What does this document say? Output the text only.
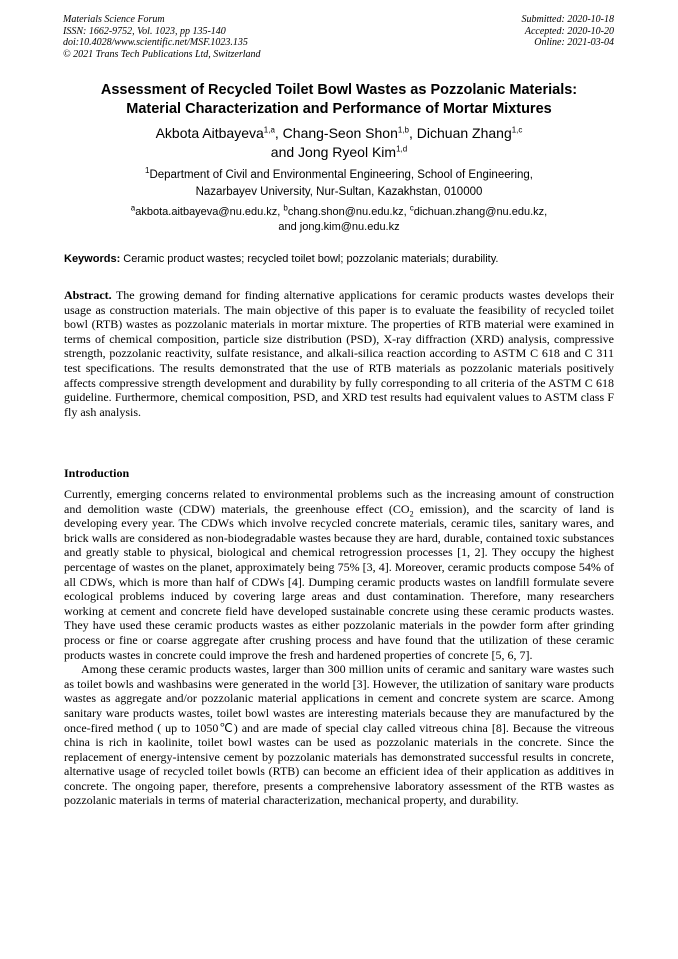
Materials Science Forum
ISSN: 1662-9752, Vol. 1023, pp 135-140
doi:10.4028/www.scientific.net/MSF.1023.135
© 2021 Trans Tech Publications Ltd, Switzerland
Submitted: 2020-10-18
Accepted: 2020-10-20
Online: 2021-03-04
Assessment of Recycled Toilet Bowl Wastes as Pozzolanic Materials:
Material Characterization and Performance of Mortar Mixtures
Akbota Aitbayeva$^{1,a}$, Chang-Seon Shon$^{1,b}$, Dichuan Zhang$^{1,c}$
and Jong Ryeol Kim$^{1,d}$
$^1$Department of Civil and Environmental Engineering, School of Engineering,
Nazarbayev University, Nur-Sultan, Kazakhstan, 010000
$^a$akbota.aitbayeva@nu.edu.kz, $^b$chang.shon@nu.edu.kz, $^c$dichuan.zhang@nu.edu.kz,
and jong.kim@nu.edu.kz
Keywords: Ceramic product wastes; recycled toilet bowl; pozzolanic materials; durability.
Abstract. The growing demand for finding alternative applications for ceramic products wastes develops their usage as construction materials. The main objective of this paper is to evaluate the feasibility of recycled toilet bowl (RTB) wastes as pozzolanic materials in mortar mixture. The properties of RTB material were examined in terms of chemical composition, particle size distribution (PSD), X-ray diffraction (XRD) analysis, compressive strength, pozzolanic reactivity, sulfate resistance, and alkali-silica reaction according to ASTM C 618 and C 311 test specifications. The results demonstrated that the use of RTB materials as pozzolanic materials positively affects compressive strength development and durability by fully corresponding to all criteria of the ASTM C 618 guideline. Furthermore, chemical composition, PSD, and XRD test results had equivalent values to ASTM class F fly ash analysis.
Introduction

Currently, emerging concerns related to environmental problems such as the increasing amount of construction and demolition waste (CDW) materials, the greenhouse effect ($CO_2$ emission), and the scarcity of land is developing every year. The CDWs which involve recycled concrete materials, ceramic tiles, sanitary wares, and brick walls are considered as non-biodegradable wastes because they are hard, durable, contained toxic substances and greatly stable to physical, biological and chemical retrogression processes [1, 2]. They occupy the highest percentage of wastes on the planet, approximately being 75% [3, 4]. Moreover, ceramic products compose 54% of all CDWs, which is more than half of CDWs [4]. Dumping ceramic products wastes on landfill formulate severe ecological problems induced by covering large areas and dust contamination. Therefore, many researchers working at cement and concrete field have developed sustainable concrete using these ceramic products wastes. They have used these ceramic products wastes as either pozzolanic materials in the powder form after grinding process or fine or coarse aggregate after crushing process and have found that the utilization of these ceramic products wastes in concrete could improve the fresh and hardened properties of concrete [5, 6, 7].

Among these ceramic products wastes, larger than 300 million units of ceramic and sanitary ware wastes such as toilet bowls and washbasins were generated in the world [3]. However, the utilization of sanitary ware products wastes as aggregate and/or pozzolanic material applications in cement and concrete system are scarce. Among sanitary ware products wastes, toilet bowl wastes are interesting materials because they are manufactured by the once-fired method ( up to 1050℃) and are made of special clay called vitreous china [8]. Because the vitreous china is rich in kaolinite, toilet bowl wastes can be used as pozzolanic materials in the concrete. Since the replacement of energy-intensive cement by pozzolanic materials has demonstrated successful results in concrete, alternative usage of recycled toilet bowls (RTB) can become an efficient idea of their application as additives in concrete. The ongoing paper, therefore, presents a comprehensive laboratory assessment of the RTB wastes as pozzolanic materials in terms of material characterization, mechanical property, and durability.
